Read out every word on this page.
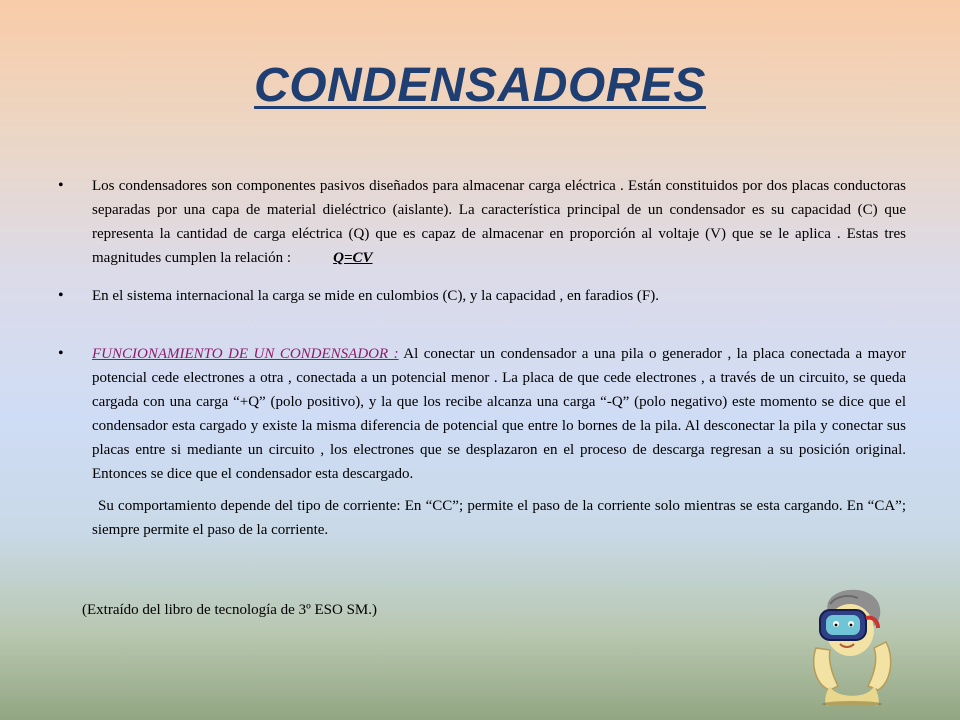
CONDENSADORES

• Los condensadores son componentes pasivos diseñados para almacenar carga eléctrica . Están constituidos por dos placas conductoras separadas por una capa de material dieléctrico (aislante). La característica principal de un condensador es su capacidad (C) que representa la cantidad de carga eléctrica (Q) que es capaz de almacenar en proporción al voltaje (V) que se le aplica . Estas tres magnitudes cumplen la relación :	Q=CV

• En el sistema internacional la carga se mide en culombios (C), y la capacidad , en faradios (F).

• FUNCIONAMIENTO DE UN CONDENSADOR : Al conectar un condensador a una pila o generador , la placa conectada a mayor potencial cede electrones a otra , conectada a un potencial menor . La placa de que cede electrones , a través de un circuito, se queda cargada con una carga “+Q” (polo positivo), y la que los recibe alcanza una carga “-Q” (polo negativo) este momento se dice que el condensador esta cargado y existe la misma diferencia de potencial que entre lo bornes de la pila. Al desconectar la pila y conectar sus placas entre si mediante un circuito , los electrones que se desplazaron en el proceso de descarga regresan a su posición original. Entonces se dice que el condensador esta descargado.

Su comportamiento depende del tipo de corriente: En “CC”; permite el paso de la corriente solo mientras se esta cargando. En “CA”; siempre permite el paso de la corriente.

(Extraído del libro de tecnología de 3º ESO SM.)
